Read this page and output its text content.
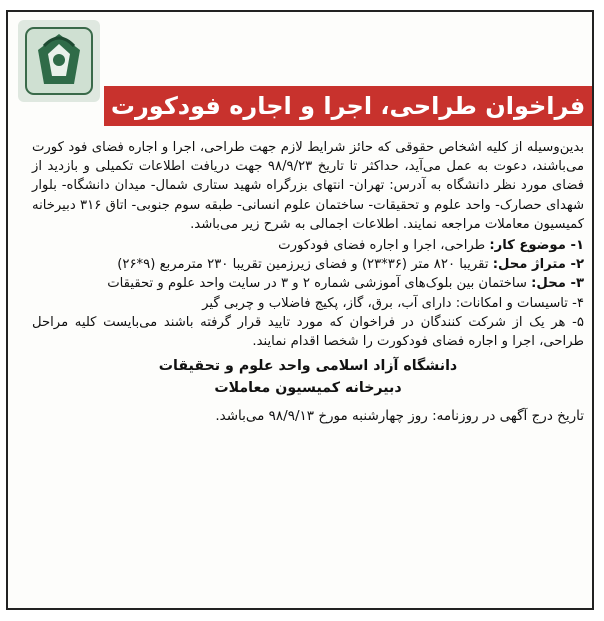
فراخوان طراحی، اجرا و اجاره فودکورت

بدین‌وسیله از کلیه اشخاص حقوقی که حائز شرایط لازم جهت طراحی، اجرا و اجاره فضای فود کورت می‌باشند، دعوت به عمل می‌آید، حداکثر تا تاریخ ۹۸/۹/۲۳ جهت دریافت اطلاعات تکمیلی و بازدید از فضای مورد نظر دانشگاه به آدرس: تهران- انتهای بزرگراه شهید ستاری شمال- میدان دانشگاه- بلوار شهدای حصارک- واحد علوم و تحقیقات- ساختمان علوم انسانی- طبقه سوم جنوبی- اتاق ۳۱۶ دبیرخانه کمیسیون معاملات مراجعه نمایند. اطلاعات اجمالی به شرح زیر می‌باشد.

۱- موضوع کار: طراحی، اجرا و اجاره فضای فودکورت

۲- متراژ محل: تقریبا ۸۲۰ متر (۳۶*۲۳) و فضای زیرزمین تقریبا ۲۳۰ مترمربع (۹*۲۶)

۳- محل: ساختمان بین بلوک‌های آموزشی شماره ۲ و ۳ در سایت واحد علوم و تحقیقات

۴- تاسیسات و امکانات: دارای آب، برق، گاز، پکیج فاضلاب و چربی گیر

۵- هر یک از شرکت کنندگان در فراخوان که مورد تایید قرار گرفته باشند می‌بایست کلیه مراحل طراحی، اجرا و اجاره فضای فودکورت را شخصا اقدام نمایند.

دانشگاه آزاد اسلامی واحد علوم و تحقیقات
دبیرخانه کمیسیون معاملات
تاریخ درج آگهی در روزنامه: روز چهارشنبه مورخ ۹۸/۹/۱۳ می‌باشد.
